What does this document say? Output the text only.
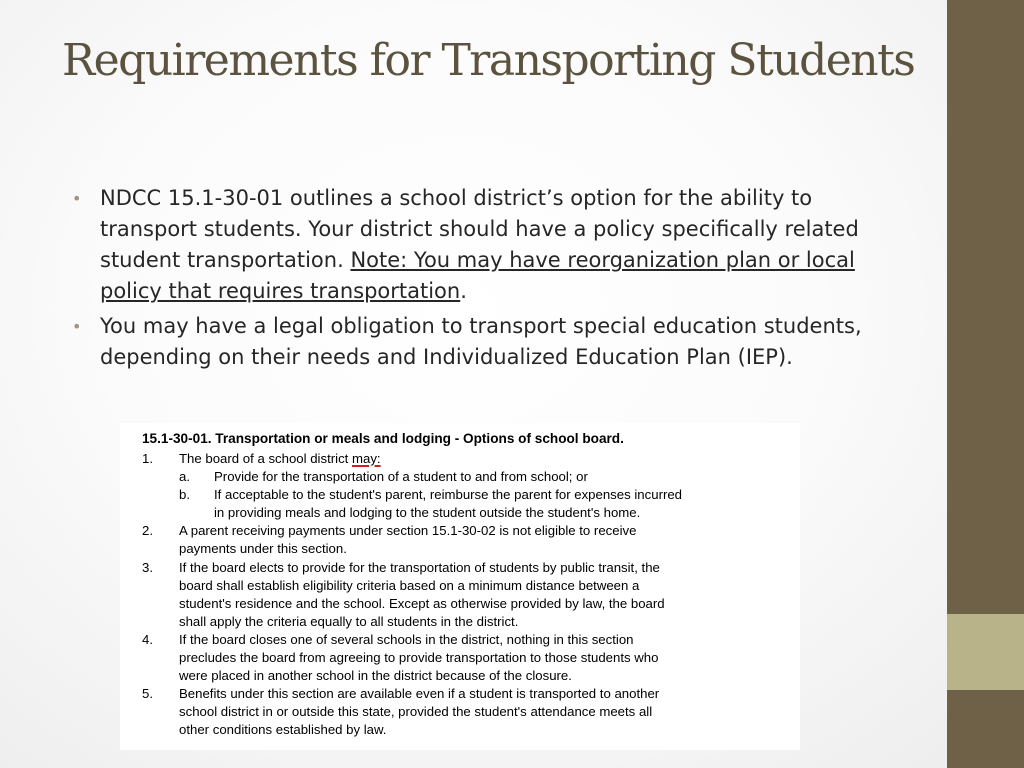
Requirements for Transporting Students
• NDCC 15.1-30-01 outlines a school district’s option for the ability to transport students. Your district should have a policy specifically related student transportation. Note: You may have reorganization plan or local policy that requires transportation.
• You may have a legal obligation to transport special education students, depending on their needs and Individualized Education Plan (IEP).
15.1-30-01. Transportation or meals and lodging - Options of school board.
1. The board of a school district may:
a. Provide for the transportation of a student to and from school; or
b. If acceptable to the student's parent, reimburse the parent for expenses incurred
in providing meals and lodging to the student outside the student's home.
2. A parent receiving payments under section 15.1-30-02 is not eligible to receive
payments under this section.
3. If the board elects to provide for the transportation of students by public transit, the
board shall establish eligibility criteria based on a minimum distance between a
student's residence and the school. Except as otherwise provided by law, the board
shall apply the criteria equally to all students in the district.
4. If the board closes one of several schools in the district, nothing in this section
precludes the board from agreeing to provide transportation to those students who
were placed in another school in the district because of the closure.
5. Benefits under this section are available even if a student is transported to another
school district in or outside this state, provided the student's attendance meets all
other conditions established by law.
